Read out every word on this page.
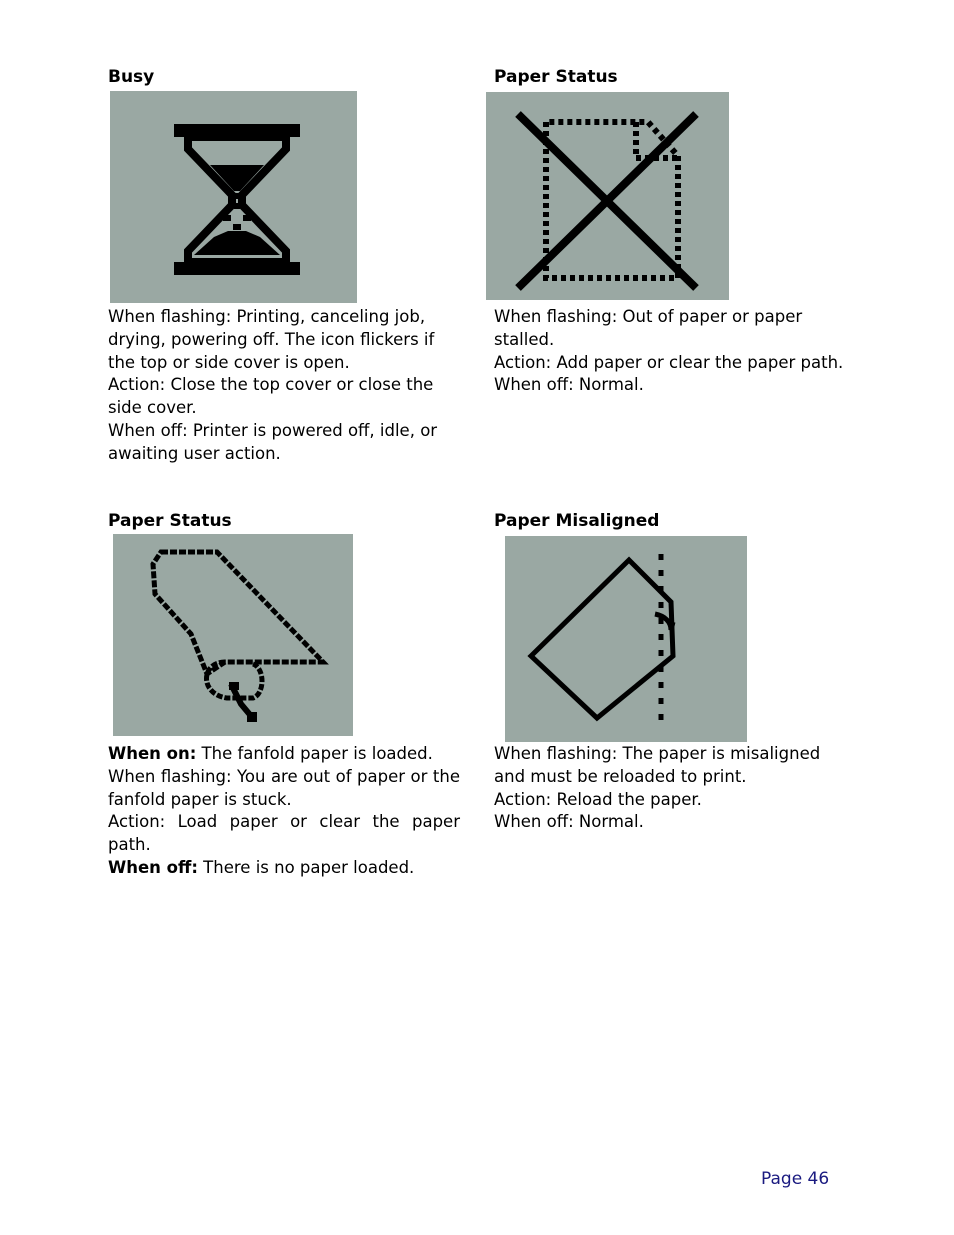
Busy

When flashing: Printing, canceling job, drying, powering off. The icon flickers if the top or side cover is open.

Action: Close the top cover or close the side cover.

When off: Printer is powered off, idle, or awaiting user action.

Paper Status

When flashing: Out of paper or paper stalled.

Action: Add paper or clear the paper path.

When off: Normal.

Paper Status

When on: The fanfold paper is loaded.

When flashing: You are out of paper or the fanfold paper is stuck.

Action: Load paper or clear the paper path.

When off: There is no paper loaded.

Paper Misaligned

When flashing: The paper is misaligned and must be reloaded to print.

Action: Reload the paper.

When off: Normal.

Page 46
